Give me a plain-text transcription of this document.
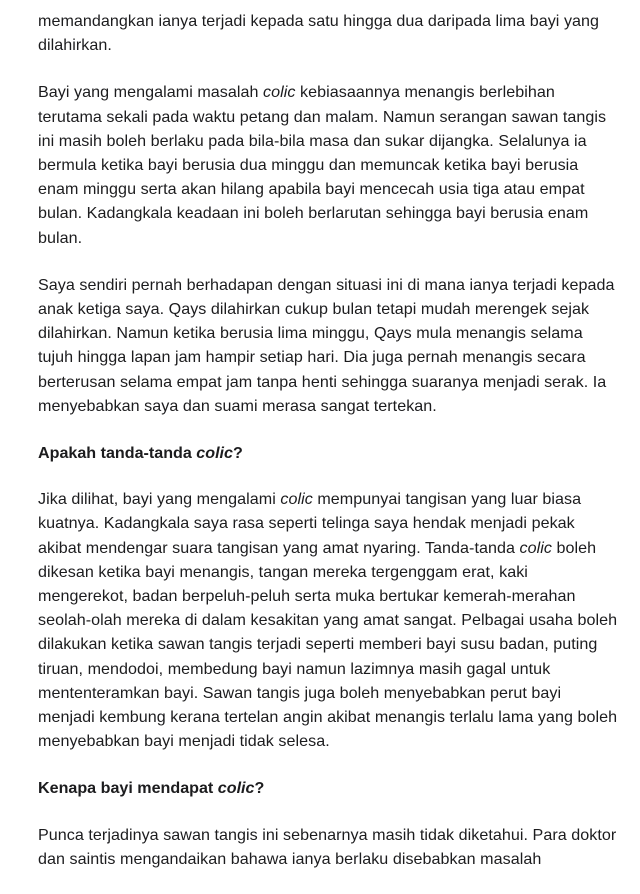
memandangkan ianya terjadi kepada satu hingga dua daripada lima bayi yang dilahirkan.

Bayi yang mengalami masalah colic kebiasaannya menangis berlebihan terutama sekali pada waktu petang dan malam. Namun serangan sawan tangis ini masih boleh berlaku pada bila-bila masa dan sukar dijangka. Selalunya ia bermula ketika bayi berusia dua minggu dan memuncak ketika bayi berusia enam minggu serta akan hilang apabila bayi mencecah usia tiga atau empat bulan. Kadangkala keadaan ini boleh berlarutan sehingga bayi berusia enam bulan.

Saya sendiri pernah berhadapan dengan situasi ini di mana ianya terjadi kepada anak ketiga saya. Qays dilahirkan cukup bulan tetapi mudah merengek sejak dilahirkan. Namun ketika berusia lima minggu, Qays mula menangis selama tujuh hingga lapan jam hampir setiap hari. Dia juga pernah menangis secara berterusan selama empat jam tanpa henti sehingga suaranya menjadi serak. Ia menyebabkan saya dan suami merasa sangat tertekan.

Apakah tanda-tanda colic?

Jika dilihat, bayi yang mengalami colic mempunyai tangisan yang luar biasa kuatnya. Kadangkala saya rasa seperti telinga saya hendak menjadi pekak akibat mendengar suara tangisan yang amat nyaring. Tanda-tanda colic boleh dikesan ketika bayi menangis, tangan mereka tergenggam erat, kaki mengerekot, badan berpeluh-peluh serta muka bertukar kemerah-merahan seolah-olah mereka di dalam kesakitan yang amat sangat. Pelbagai usaha boleh dilakukan ketika sawan tangis terjadi seperti memberi bayi susu badan, puting tiruan, mendodoi, membedung bayi namun lazimnya masih gagal untuk mententeramkan bayi. Sawan tangis juga boleh menyebabkan perut bayi menjadi kembung kerana tertelan angin akibat menangis terlalu lama yang boleh menyebabkan bayi menjadi tidak selesa.

Kenapa bayi mendapat colic?

Punca terjadinya sawan tangis ini sebenarnya masih tidak diketahui. Para doktor dan saintis mengandaikan bahawa ianya berlaku disebabkan masalah
